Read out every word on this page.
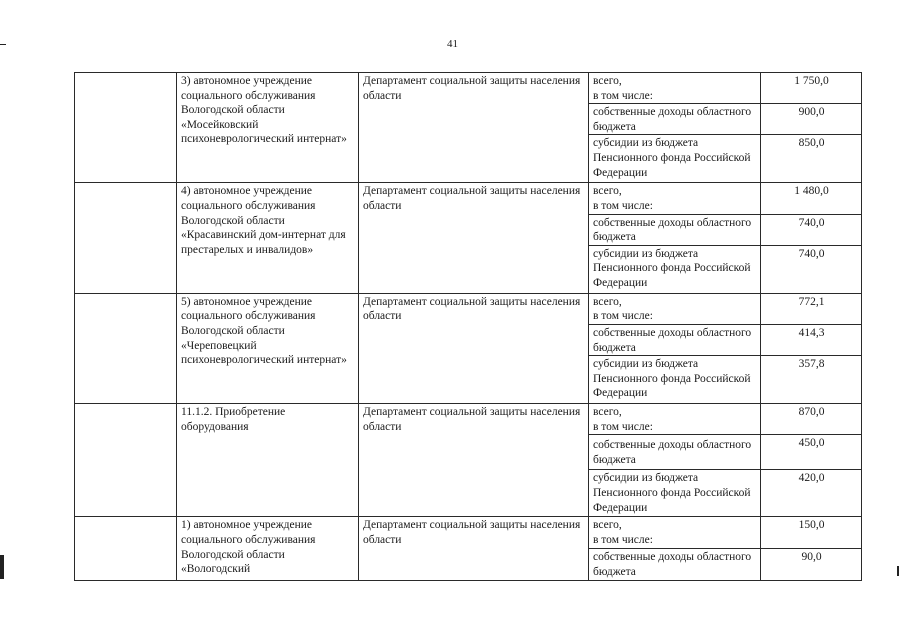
41
	3) автономное учреждение социального обслуживания Вологодской области «Мосейковский психоневрологический интернат»	Департамент социальной защиты населения области	всего,
в том числе:	1 750,0
			собственные доходы областного бюджета	900,0
			субсидии из бюджета Пенсионного фонда Российской Федерации	850,0
	4) автономное учреждение социального обслуживания Вологодской области «Красавинский дом-интернат для престарелых и инвалидов»	Департамент социальной защиты населения области	всего,
в том числе:	1 480,0
			собственные доходы областного бюджета	740,0
			субсидии из бюджета Пенсионного фонда Российской Федерации	740,0
	5) автономное учреждение социального обслуживания Вологодской области «Череповецкий психоневрологический интернат»	Департамент социальной защиты населения области	всего,
в том числе:	772,1
			собственные доходы областного бюджета	414,3
			субсидии из бюджета Пенсионного фонда Российской Федерации	357,8
	11.1.2. Приобретение оборудования	Департамент социальной защиты населения области	всего,
в том числе:	870,0
			собственные доходы областного бюджета	450,0
			субсидии из бюджета Пенсионного фонда Российской Федерации	420,0
	1) автономное учреждение социального обслуживания Вологодской области «Вологодский	Департамент социальной защиты населения области	всего,
в том числе:	150,0
			собственные доходы областного бюджета	90,0
